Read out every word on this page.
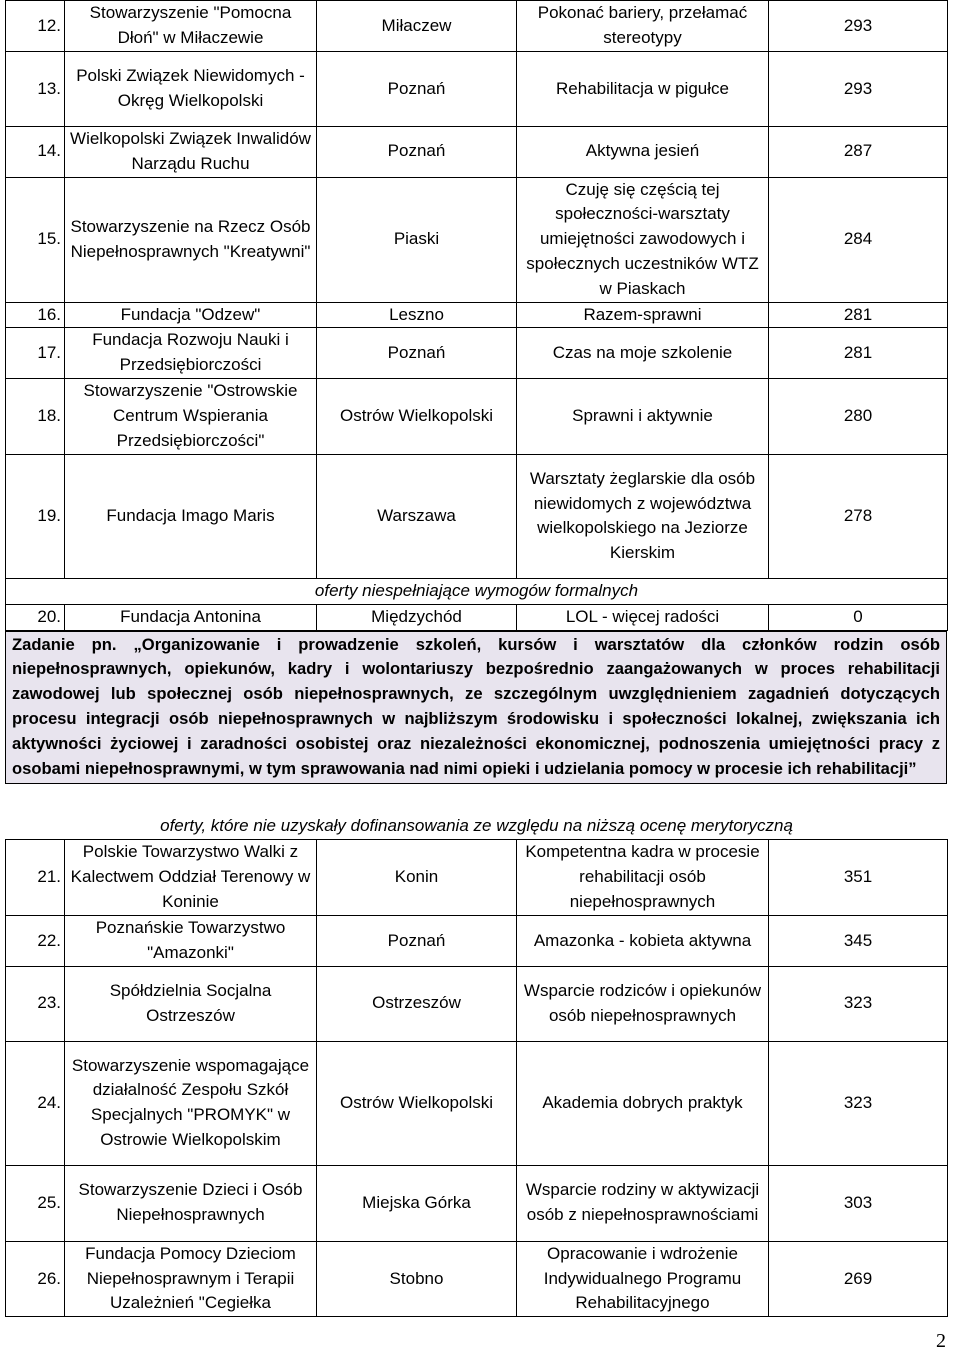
12.	Stowarzyszenie "Pomocna Dłoń" w Miłaczewie	Miłaczew	Pokonać bariery, przełamać stereotypy	293
13.	Polski Związek Niewidomych - Okręg Wielkopolski	Poznań	Rehabilitacja w pigułce	293
14.	Wielkopolski Związek Inwalidów Narządu Ruchu	Poznań	Aktywna jesień	287
15.	Stowarzyszenie na Rzecz Osób Niepełnosprawnych "Kreatywni"	Piaski	Czuję się częścią tej społeczności-warsztaty umiejętności zawodowych i społecznych uczestników WTZ w Piaskach	284
16.	Fundacja "Odzew"	Leszno	Razem-sprawni	281
17.	Fundacja Rozwoju Nauki i Przedsiębiorczości	Poznań	Czas na moje szkolenie	281
18.	Stowarzyszenie "Ostrowskie Centrum Wspierania Przedsiębiorczości"	Ostrów Wielkopolski	Sprawni i aktywnie	280
19.	Fundacja Imago Maris	Warszawa	Warsztaty żeglarskie dla osób niewidomych z województwa wielkopolskiego na Jeziorze Kierskim	278
oferty niespełniające wymogów formalnych				
20.	Fundacja Antonina	Międzychód	LOL - więcej radości	0
Zadanie pn. „Organizowanie i prowadzenie szkoleń, kursów i warsztatów dla członków rodzin osób niepełnosprawnych, opiekunów, kadry i wolontariuszy bezpośrednio zaangażowanych w proces rehabilitacji zawodowej lub społecznej osób niepełnosprawnych, ze szczególnym uwzględnieniem zagadnień dotyczących procesu integracji osób niepełnosprawnych w najbliższym środowisku i społeczności lokalnej, zwiększania ich aktywności życiowej i zaradności osobistej oraz niezależności ekonomicznej, podnoszenia umiejętności pracy z osobami niepełnosprawnymi, w tym sprawowania nad nimi opieki i udzielania pomocy w procesie ich rehabilitacji”
oferty, które nie uzyskały dofinansowania ze względu na niższą ocenę merytoryczną				
21.	Polskie Towarzystwo Walki z Kalectwem Oddział Terenowy w Koninie	Konin	Kompetentna kadra w procesie rehabilitacji osób niepełnosprawnych	351
22.	Poznańskie Towarzystwo "Amazonki"	Poznań	Amazonka - kobieta aktywna	345
23.	Spółdzielnia Socjalna Ostrzeszów	Ostrzeszów	Wsparcie rodziców i opiekunów osób niepełnosprawnych	323
24.	Stowarzyszenie wspomagające działalność Zespołu Szkół Specjalnych "PROMYK" w Ostrowie Wielkopolskim	Ostrów Wielkopolski	Akademia dobrych praktyk	323
25.	Stowarzyszenie Dzieci i Osób Niepełnosprawnych	Miejska Górka	Wsparcie rodziny w aktywizacji osób z niepełnosprawnościami	303
26.	Fundacja Pomocy Dzieciom Niepełnosprawnym i Terapii Uzależnień "Cegiełka	Stobno	Opracowanie i wdrożenie Indywidualnego Programu Rehabilitacyjnego	269
2
